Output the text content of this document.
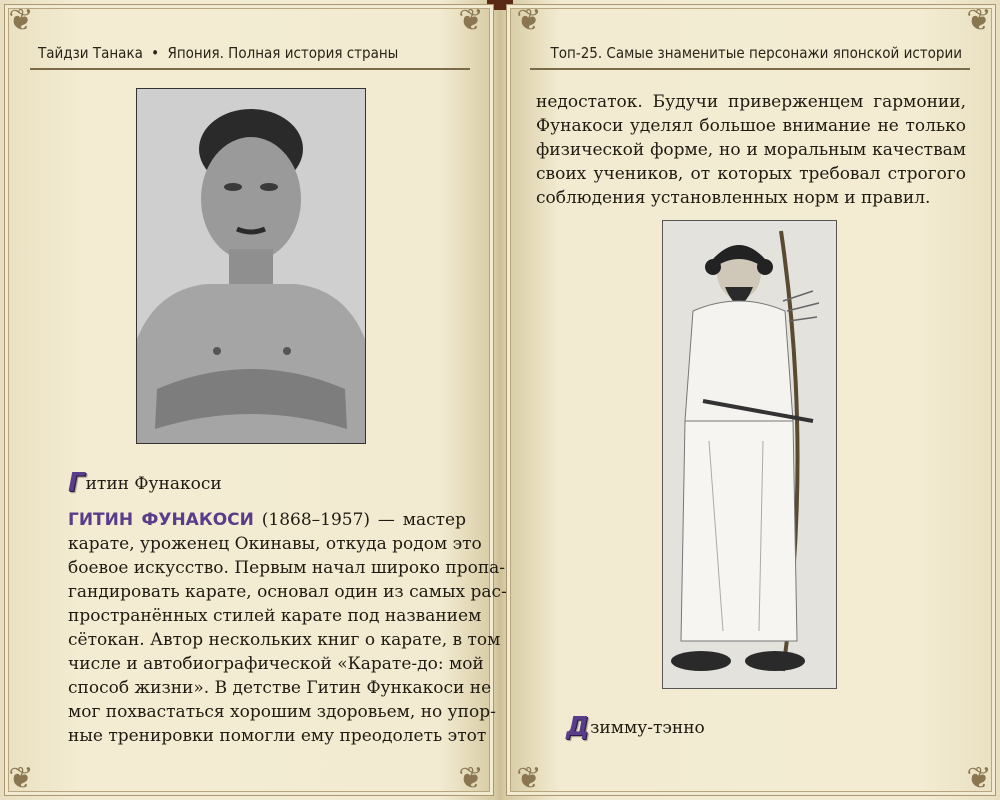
❦	❦ ❦	❦
❦	❦ ❦	❦
Тайдзи Танака • Япония. Полная история страны	Топ-25. Самые знаменитые персонажи японской истории
Гитин Фунакоси
ГИТИН ФУНАКОСИ (1868–1957) — мастер
карате, уроженец Окинавы, откуда родом это
боевое искусство. Первым начал широко пропа-
гандировать карате, основал один из самых рас-
пространённых стилей карате под названием
сётокан. Автор нескольких книг о карате, в том
числе и автобиографической «Карате-до: мой
способ жизни». В детстве Гитин Функакоси не
мог похвастаться хорошим здоровьем, но упор-
ные тренировки помогли ему преодолеть этот
недостаток. Будучи приверженцем гармонии,
Фунакоси уделял большое внимание не только
физической форме, но и моральным качествам
своих учеников, от которых требовал строгого
соблюдения установленных норм и правил.
Дзимму-тэнно
